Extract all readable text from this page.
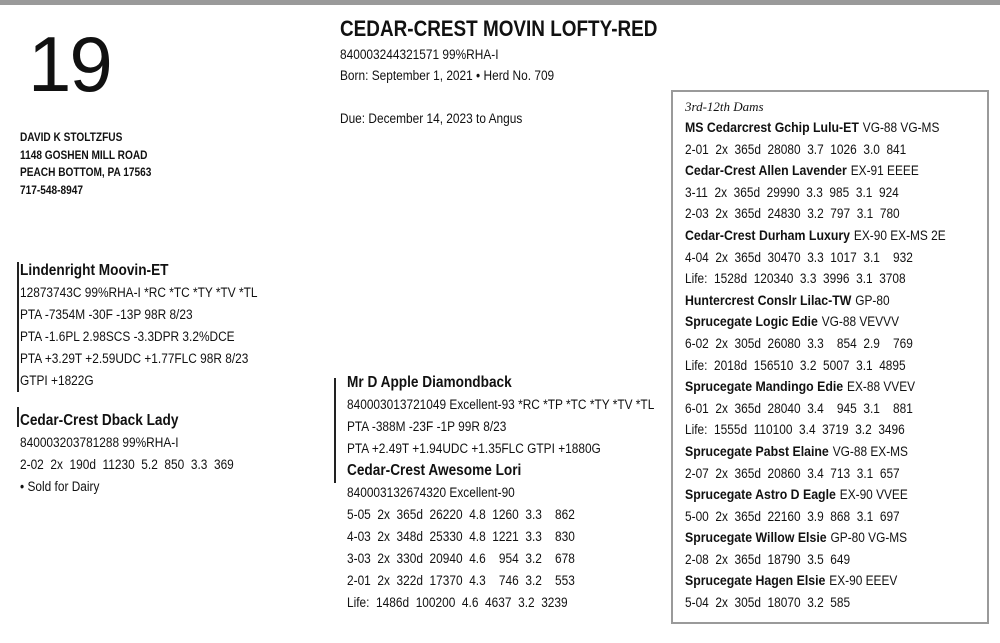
19
DAVID K STOLTZFUS
1148 GOSHEN MILL ROAD
PEACH BOTTOM, PA 17563
717-548-8947
CEDAR-CREST MOVIN LOFTY-RED
840003244321571 99%RHA-I
Born: September 1, 2021 • Herd No. 709
Due: December 14, 2023 to Angus
Lindenright Moovin-ET
12873743C 99%RHA-I *RC *TC *TY *TV *TL
PTA -7354M -30F -13P 98R 8/23
PTA -1.6PL 2.98SCS -3.3DPR 3.2%DCE
PTA +3.29T +2.59UDC +1.77FLC 98R 8/23
GTPI +1822G
Cedar-Crest Dback Lady
840003203781288 99%RHA-I
2-02  2x  190d  11230  5.2  850  3.3  369
• Sold for Dairy
Mr D Apple Diamondback
840003013721049 Excellent-93 *RC *TP *TC *TY *TV *TL
PTA -388M -23F -1P 99R 8/23
PTA +2.49T +1.94UDC +1.35FLC GTPI +1880G
Cedar-Crest Awesome Lori
840003132674320 Excellent-90
5-05  2x  365d  26220  4.8  1260  3.3    862
4-03  2x  348d  25330  4.8  1221  3.3    830
3-03  2x  330d  20940  4.6    954  3.2    678
2-01  2x  322d  17370  4.3    746  3.2    553
Life:  1486d  100200  4.6  4637  3.2  3239
3rd-12th Dams
MS Cedarcrest Gchip Lulu-ET VG-88 VG-MS
2-01  2x  365d  28080  3.7  1026  3.0  841
Cedar-Crest Allen Lavender EX-91 EEEE
3-11  2x  365d  29990  3.3  985  3.1  924
2-03  2x  365d  24830  3.2  797  3.1  780
Cedar-Crest Durham Luxury EX-90 EX-MS 2E
4-04  2x  365d  30470  3.3  1017  3.1    932
Life:  1528d  120340  3.3  3996  3.1  3708
Huntercrest Conslr Lilac-TW GP-80
Sprucegate Logic Edie VG-88 VEVVV
6-02  2x  305d  26080  3.3    854  2.9    769
Life:  2018d  156510  3.2  5007  3.1  4895
Sprucegate Mandingo Edie EX-88 VVEV
6-01  2x  365d  28040  3.4    945  3.1    881
Life:  1555d  110100  3.4  3719  3.2  3496
Sprucegate Pabst Elaine VG-88 EX-MS
2-07  2x  365d  20860  3.4  713  3.1  657
Sprucegate Astro D Eagle EX-90 VVEE
5-00  2x  365d  22160  3.9  868  3.1  697
Sprucegate Willow Elsie GP-80 VG-MS
2-08  2x  365d  18790  3.5  649
Sprucegate Hagen Elsie EX-90 EEEV
5-04  2x  305d  18070  3.2  585
